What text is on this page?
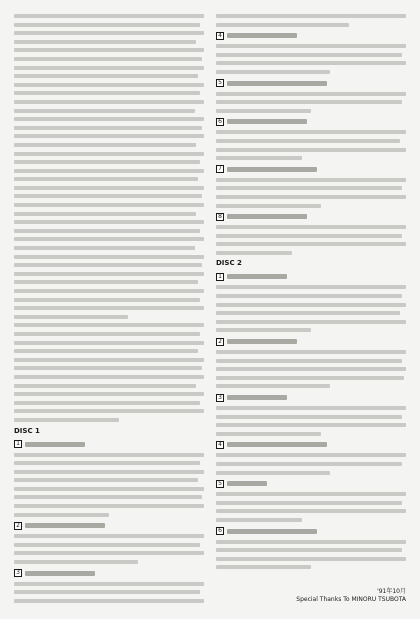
DISC 1
1
2
3
4
5
6
7
8
DISC 2
1
2
3
4
5
6
'91年10月
Special Thanks To MINORU TSUBOTA
